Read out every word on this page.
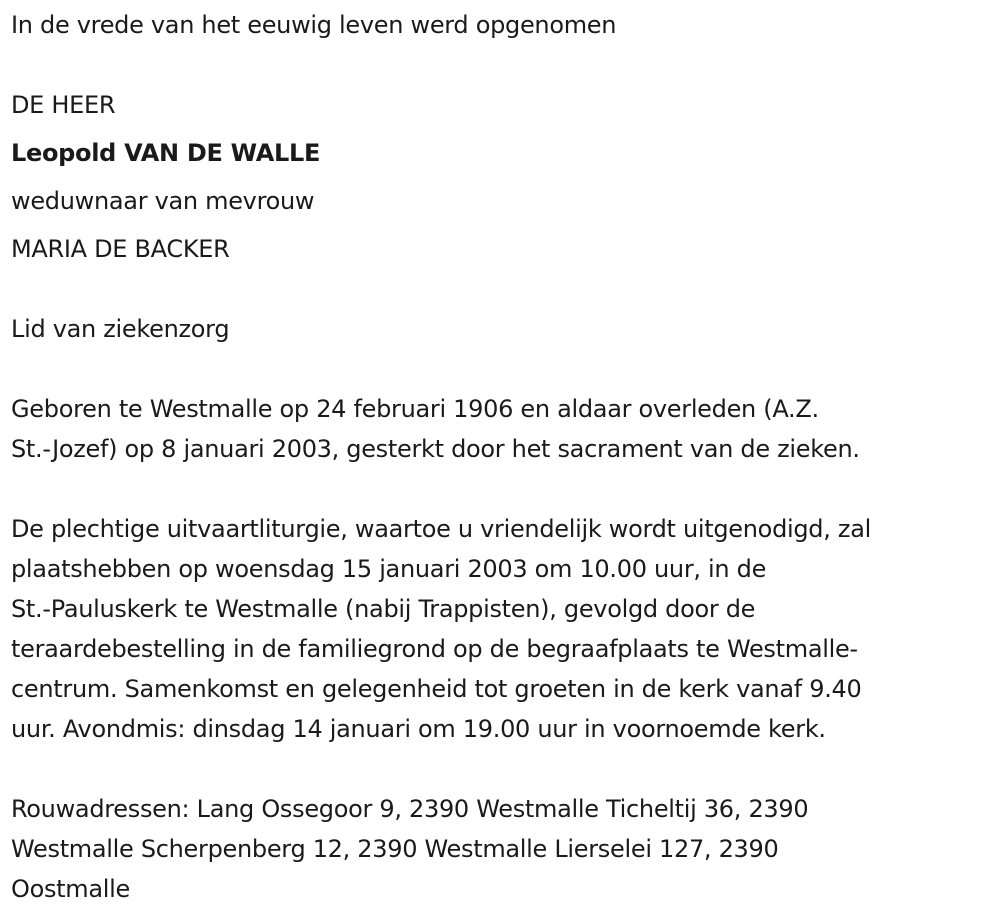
In de vrede van het eeuwig leven werd opgenomen
DE HEER
Leopold VAN DE WALLE
weduwnaar van mevrouw
MARIA DE BACKER
Lid van ziekenzorg
Geboren te Westmalle op 24 februari 1906 en aldaar overleden (A.Z.
St.-Jozef) op 8 januari 2003, gesterkt door het sacrament van de zieken.
De plechtige uitvaartliturgie, waartoe u vriendelijk wordt uitgenodigd, zal
plaatshebben op woensdag 15 januari 2003 om 10.00 uur, in de
St.-Pauluskerk te Westmalle (nabij Trappisten), gevolgd door de
teraardebestelling in de familiegrond op de begraafplaats te Westmalle-
centrum. Samenkomst en gelegenheid tot groeten in de kerk vanaf 9.40
uur. Avondmis: dinsdag 14 januari om 19.00 uur in voornoemde kerk.
Rouwadressen: Lang Ossegoor 9, 2390 Westmalle Ticheltij 36, 2390
Westmalle Scherpenberg 12, 2390 Westmalle Lierselei 127, 2390
Oostmalle
